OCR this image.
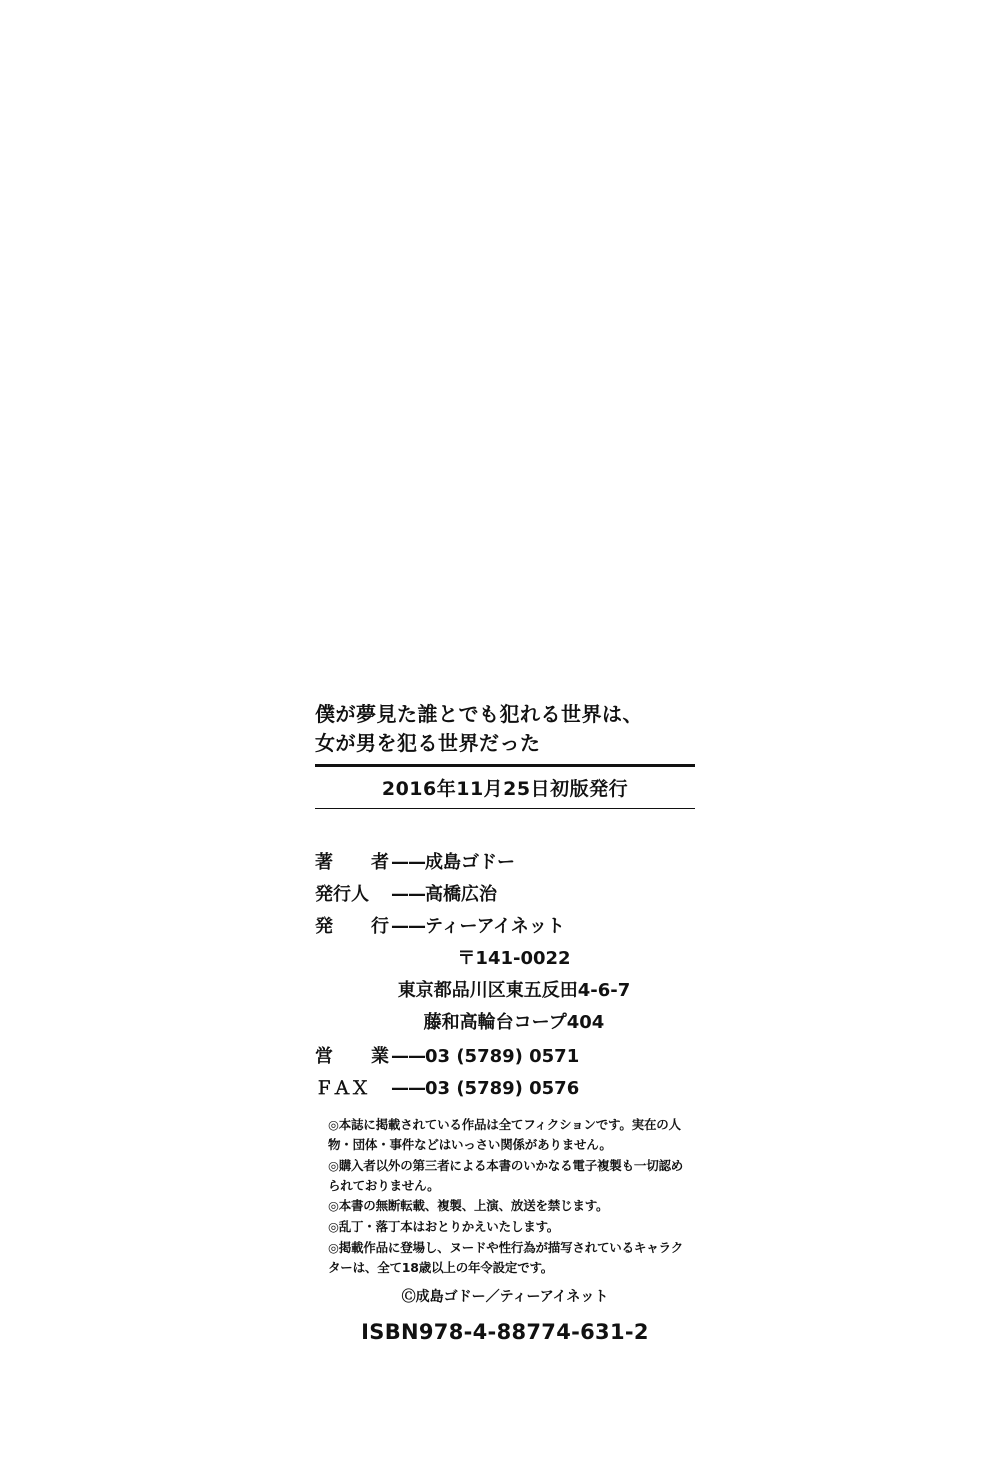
僕が夢見た誰とでも犯れる世界は、
女が男を犯る世界だった
2016年11月25日初版発行
著　者——成島ゴドー
発行人 ——高橋広治
発　行——ティーアイネット
〒141-0022
東京都品川区東五反田4-6-7
藤和高輪台コープ404
営　業——03 (5789) 0571
ＦＡＸ ——03 (5789) 0576
◎本誌に掲載されている作品は全てフィクションです。実在の人物・団体・事件などはいっさい関係がありません。
◎購入者以外の第三者による本書のいかなる電子複製も一切認められておりません。
◎本書の無断転載、複製、上演、放送を禁じます。
◎乱丁・落丁本はおとりかえいたします。
◎掲載作品に登場し、ヌードや性行為が描写されているキャラクターは、全て18歳以上の年令設定です。
Ⓒ成島ゴドー／ティーアイネット
ISBN978-4-88774-631-2
